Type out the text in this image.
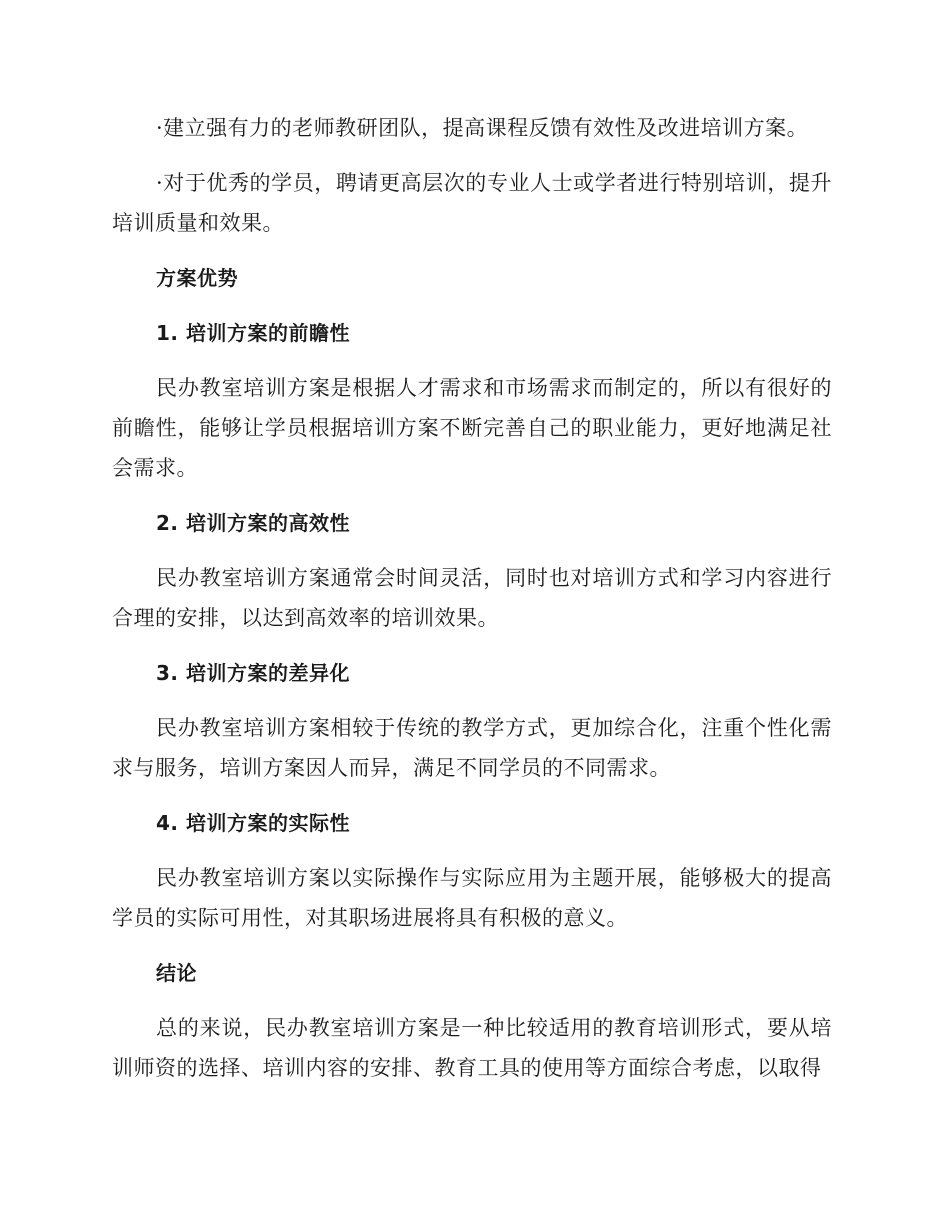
·建立强有力的老师教研团队，提高课程反馈有效性及改进培训方案。

·对于优秀的学员，聘请更高层次的专业人士或学者进行特别培训，提升培训质量和效果。

方案优势

1. 培训方案的前瞻性

民办教室培训方案是根据人才需求和市场需求而制定的，所以有很好的前瞻性，能够让学员根据培训方案不断完善自己的职业能力，更好地满足社会需求。

2. 培训方案的高效性

民办教室培训方案通常会时间灵活，同时也对培训方式和学习内容进行合理的安排，以达到高效率的培训效果。

3. 培训方案的差异化

民办教室培训方案相较于传统的教学方式，更加综合化，注重个性化需求与服务，培训方案因人而异，满足不同学员的不同需求。

4. 培训方案的实际性

民办教室培训方案以实际操作与实际应用为主题开展，能够极大的提高学员的实际可用性，对其职场进展将具有积极的意义。

结论

总的来说，民办教室培训方案是一种比较适用的教育培训形式，要从培训师资的选择、培训内容的安排、教育工具的使用等方面综合考虑，以取得
